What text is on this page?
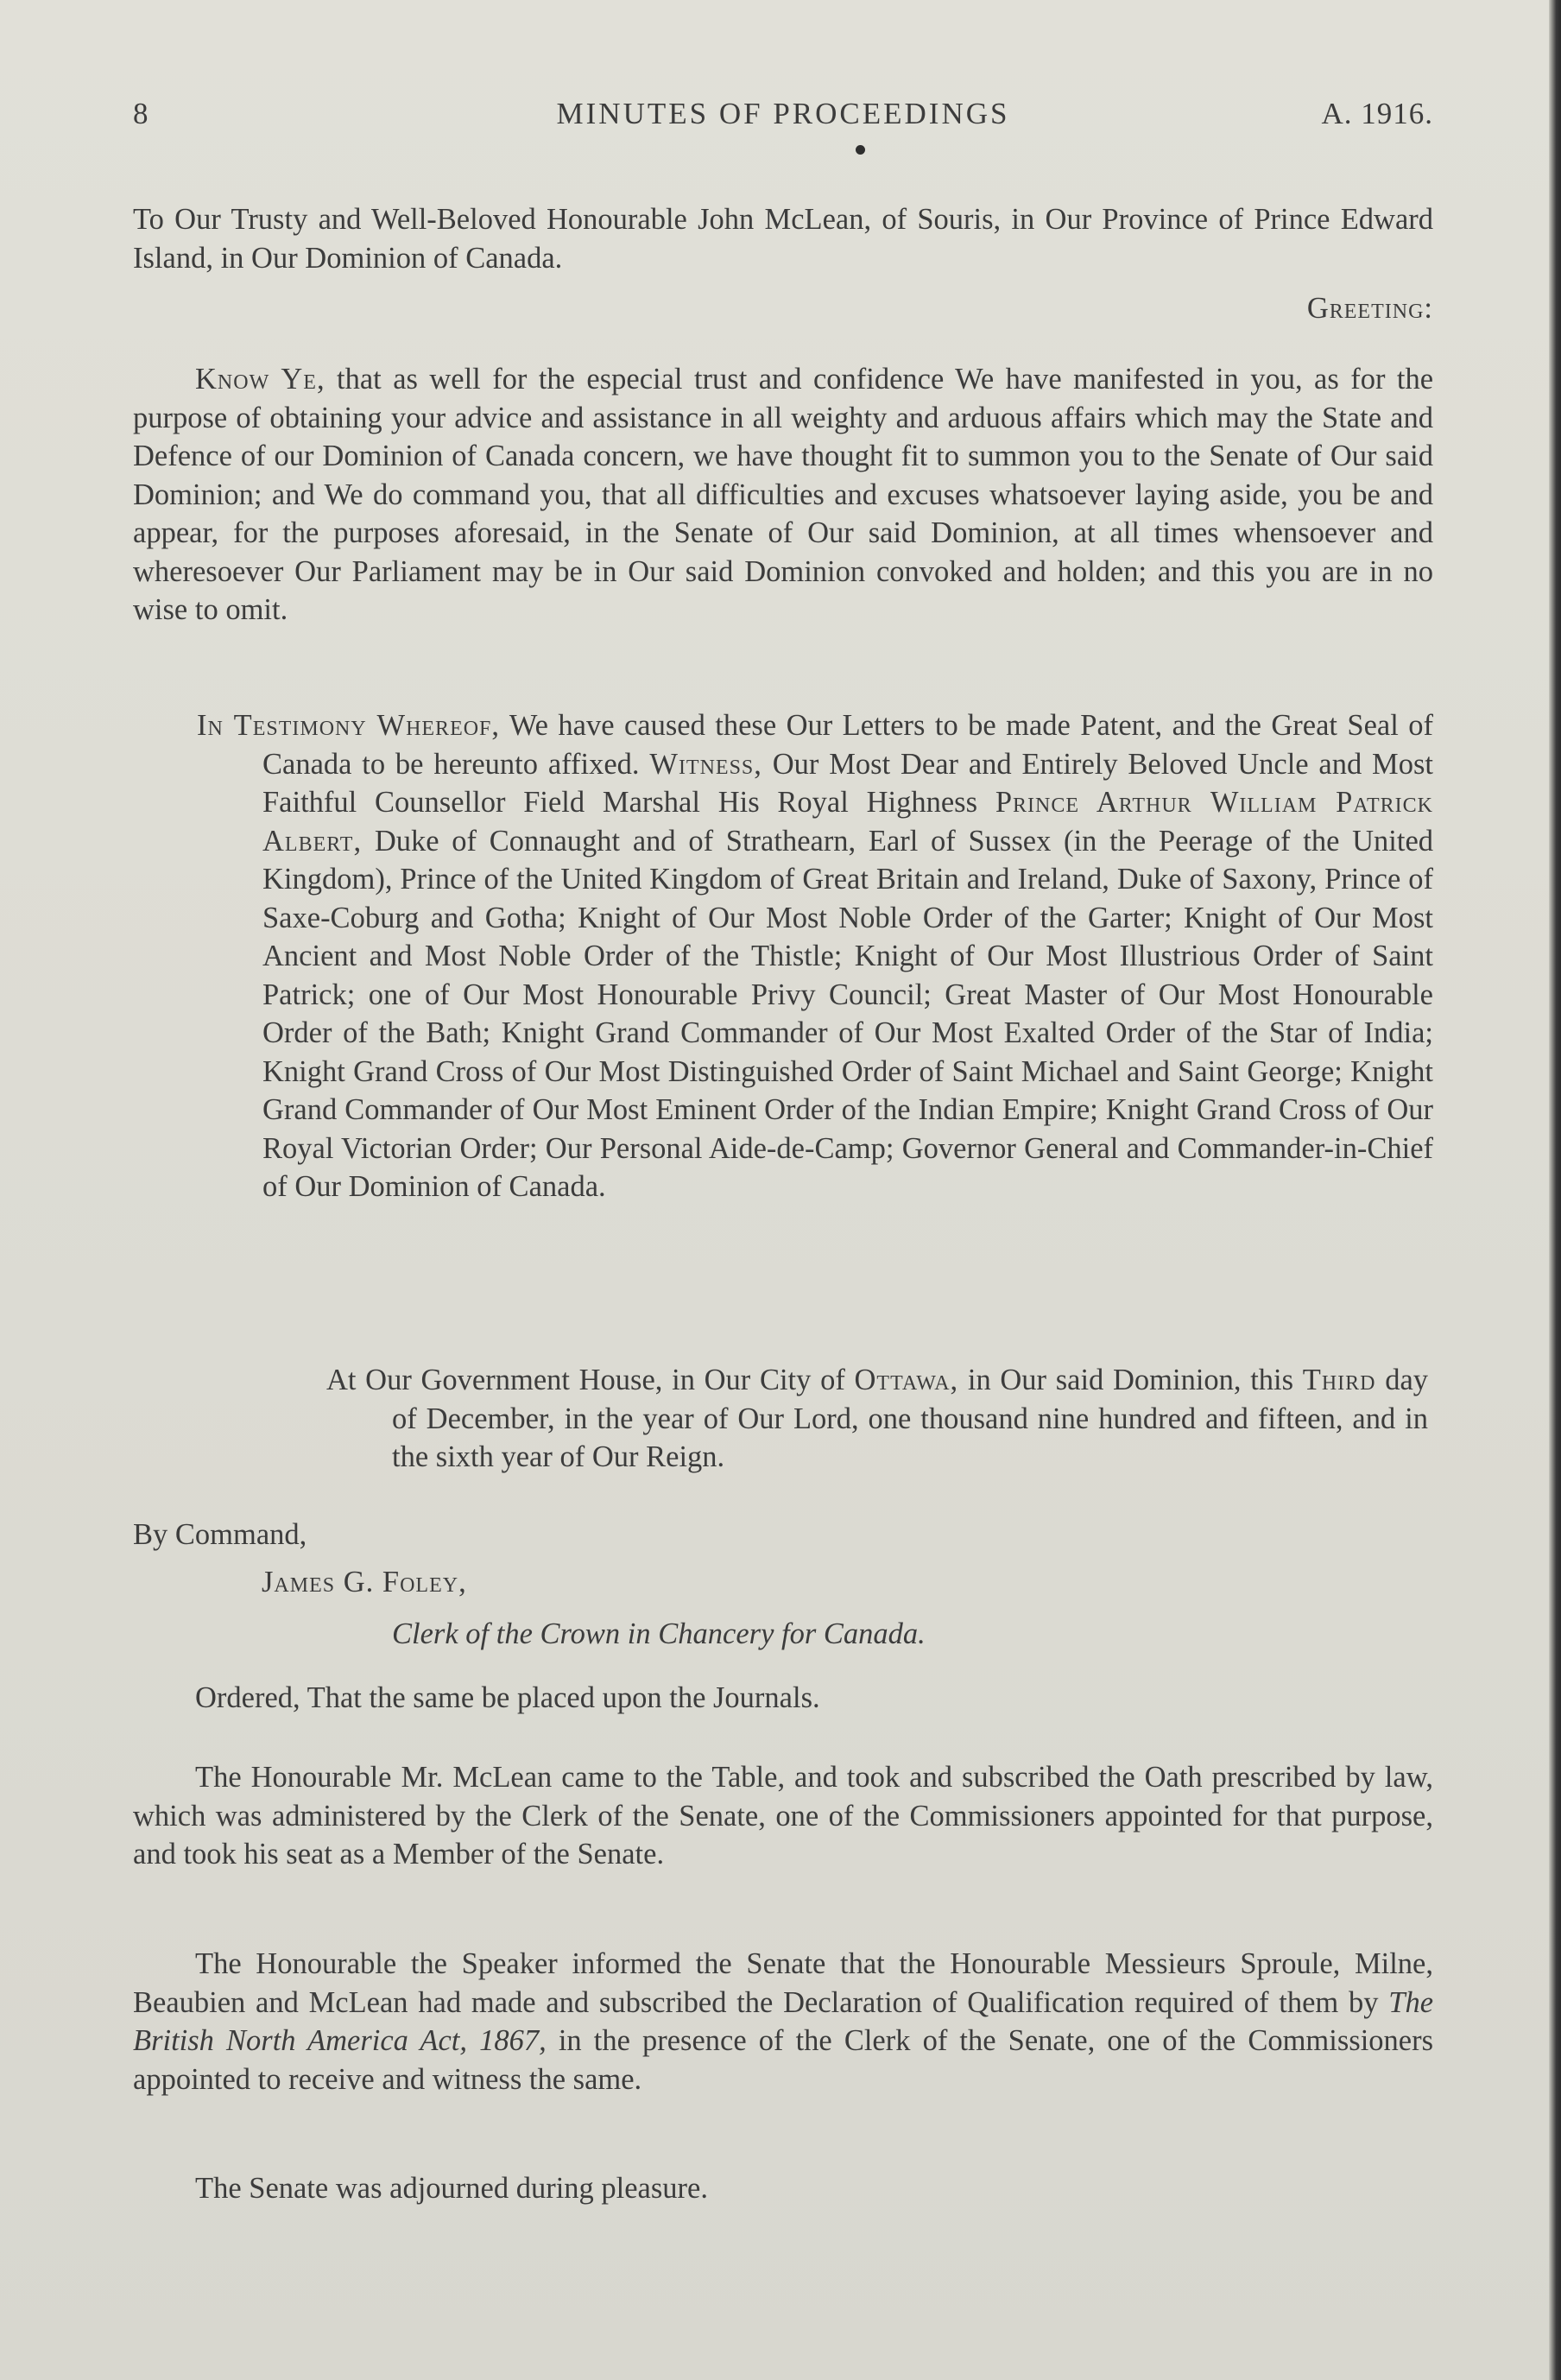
8	MINUTES OF PROCEEDINGS	A. 1916.
To Our Trusty and Well-Beloved Honourable John McLean, of Souris, in Our Province of Prince Edward Island, in Our Dominion of Canada.
Greeting:
Know Ye, that as well for the especial trust and confidence We have manifested in you, as for the purpose of obtaining your advice and assistance in all weighty and arduous affairs which may the State and Defence of our Dominion of Canada concern, we have thought fit to summon you to the Senate of Our said Dominion; and We do command you, that all difficulties and excuses whatsoever laying aside, you be and appear, for the purposes aforesaid, in the Senate of Our said Dominion, at all times whensoever and wheresoever Our Parliament may be in Our said Dominion convoked and holden; and this you are in no wise to omit.
In Testimony Whereof, We have caused these Our Letters to be made Patent, and the Great Seal of Canada to be hereunto affixed. Witness, Our Most Dear and Entirely Beloved Uncle and Most Faithful Counsellor Field Marshal His Royal Highness Prince Arthur William Patrick Albert, Duke of Connaught and of Strathearn, Earl of Sussex (in the Peerage of the United Kingdom), Prince of the United Kingdom of Great Britain and Ireland, Duke of Saxony, Prince of Saxe-Coburg and Gotha; Knight of Our Most Noble Order of the Garter; Knight of Our Most Ancient and Most Noble Order of the Thistle; Knight of Our Most Illustrious Order of Saint Patrick; one of Our Most Honourable Privy Council; Great Master of Our Most Honourable Order of the Bath; Knight Grand Commander of Our Most Exalted Order of the Star of India; Knight Grand Cross of Our Most Distinguished Order of Saint Michael and Saint George; Knight Grand Commander of Our Most Eminent Order of the Indian Empire; Knight Grand Cross of Our Royal Victorian Order; Our Personal Aide-de-Camp; Governor General and Commander-in-Chief of Our Dominion of Canada.
At Our Government House, in Our City of Ottawa, in Our said Dominion, this Third day of December, in the year of Our Lord, one thousand nine hundred and fifteen, and in the sixth year of Our Reign.
By Command,
James G. Foley,
Clerk of the Crown in Chancery for Canada.
Ordered, That the same be placed upon the Journals.
The Honourable Mr. McLean came to the Table, and took and subscribed the Oath prescribed by law, which was administered by the Clerk of the Senate, one of the Commissioners appointed for that purpose, and took his seat as a Member of the Senate.
The Honourable the Speaker informed the Senate that the Honourable Messieurs Sproule, Milne, Beaubien and McLean had made and subscribed the Declaration of Qualification required of them by The British North America Act, 1867, in the presence of the Clerk of the Senate, one of the Commissioners appointed to receive and witness the same.
The Senate was adjourned during pleasure.
